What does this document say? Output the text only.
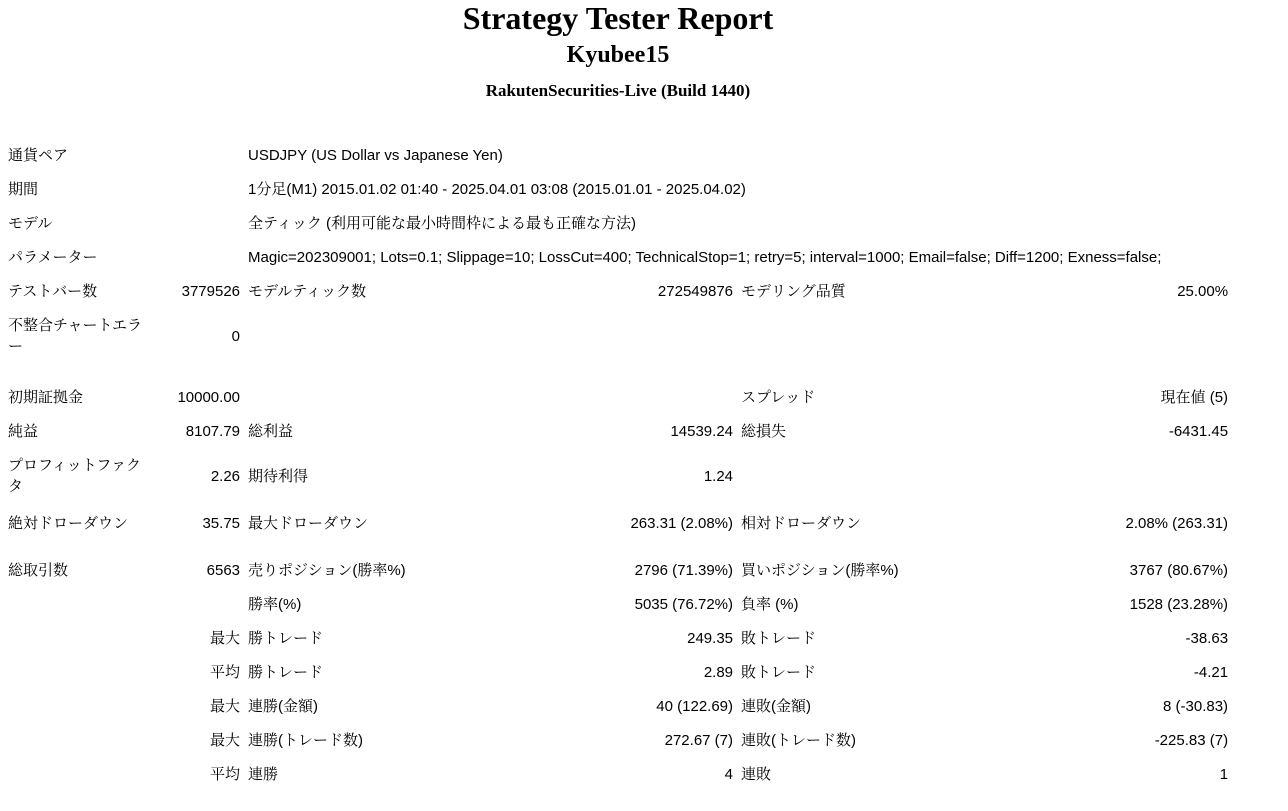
Strategy Tester Report
Kyubee15
RakutenSecurities-Live (Build 1440)
通貨ペア		USDJPY (US Dollar vs Japanese Yen)			
期間		1分足(M1) 2015.01.02 01:40 - 2025.04.01 03:08 (2015.01.01 - 2025.04.02)			
モデル		全ティック (利用可能な最小時間枠による最も正確な方法)			
パラメーター		Magic=202309001; Lots=0.1; Slippage=10; LossCut=400; TechnicalStop=1; retry=5; interval=1000; Email=false; Diff=1200; Exness=false;			
テストバー数	3779526	モデルティック数	272549876	モデリング品質	25.00%
不整合チャートエラー	0				

初期証拠金	10000.00			スプレッド	現在値 (5)
純益	8107.79	総利益	14539.24	総損失	-6431.45
プロフィットファクタ	2.26	期待利得	1.24		

絶対ドローダウン	35.75	最大ドローダウン	263.31 (2.08%)	相対ドローダウン	2.08% (263.31)

総取引数	6563	売りポジション(勝率%)	2796 (71.39%)	買いポジション(勝率%)	3767 (80.67%)
		勝率(%)	5035 (76.72%)	負率 (%)	1528 (23.28%)
	最大	勝トレード	249.35	敗トレード	-38.63
	平均	勝トレード	2.89	敗トレード	-4.21
	最大	連勝(金額)	40 (122.69)	連敗(金額)	8 (-30.83)
	最大	連勝(トレード数)	272.67 (7)	連敗(トレード数)	-225.83 (7)
	平均	連勝	4	連敗	1
